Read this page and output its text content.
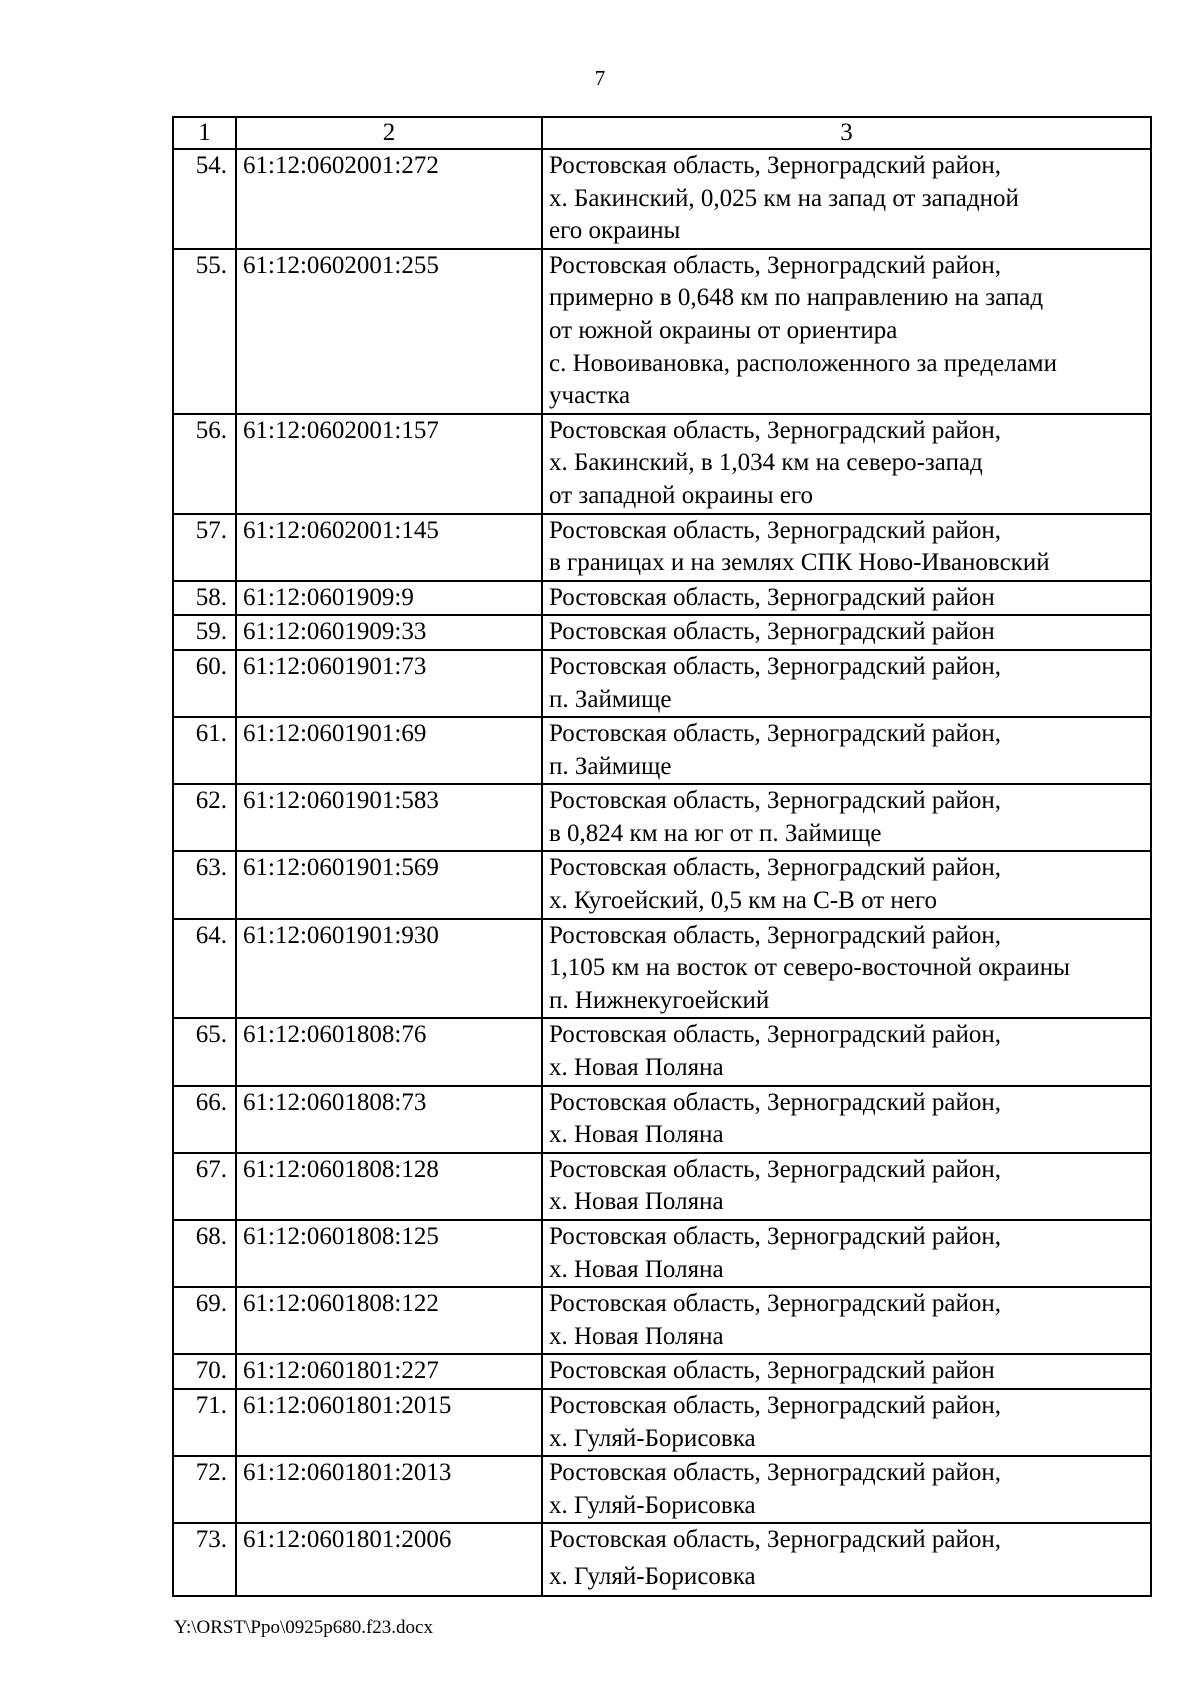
7
1	2	3
54.	61:12:0602001:272	Ростовская область, Зерноградский район,
х. Бакинский, 0,025 км на запад от западной
его окраины

55.	61:12:0602001:255	Ростовская область, Зерноградский район,
примерно в 0,648 км по направлению на запад
от южной окраины от ориентира
с. Новоивановка, расположенного за пределами
участка

56.	61:12:0602001:157	Ростовская область, Зерноградский район,
х. Бакинский, в 1,034 км на северо-запад
от западной окраины его

57.	61:12:0602001:145	Ростовская область, Зерноградский район,
в границах и на землях СПК Ново-Ивановский

58.	61:12:0601909:9	Ростовская область, Зерноградский район

59.	61:12:0601909:33	Ростовская область, Зерноградский район

60.	61:12:0601901:73	Ростовская область, Зерноградский район,
п. Займище

61.	61:12:0601901:69	Ростовская область, Зерноградский район,
п. Займище

62.	61:12:0601901:583	Ростовская область, Зерноградский район,
в 0,824 км на юг от п. Займище

63.	61:12:0601901:569	Ростовская область, Зерноградский район,
х. Кугоейский, 0,5 км на С-В от него

64.	61:12:0601901:930	Ростовская область, Зерноградский район,
1,105 км на восток от северо-восточной окраины
п. Нижнекугоейский

65.	61:12:0601808:76	Ростовская область, Зерноградский район,
х. Новая Поляна

66.	61:12:0601808:73	Ростовская область, Зерноградский район,
х. Новая Поляна

67.	61:12:0601808:128	Ростовская область, Зерноградский район,
х. Новая Поляна

68.	61:12:0601808:125	Ростовская область, Зерноградский район,
х. Новая Поляна

69.	61:12:0601808:122	Ростовская область, Зерноградский район,
х. Новая Поляна

70.	61:12:0601801:227	Ростовская область, Зерноградский район

71.	61:12:0601801:2015	Ростовская область, Зерноградский район,
х. Гуляй-Борисовка

72.	61:12:0601801:2013	Ростовская область, Зерноградский район,
х. Гуляй-Борисовка

73.	61:12:0601801:2006	Ростовская область, Зерноградский район,
х. Гуляй-Борисовка
Y:\ORST\Ppo\0925p680.f23.docx
